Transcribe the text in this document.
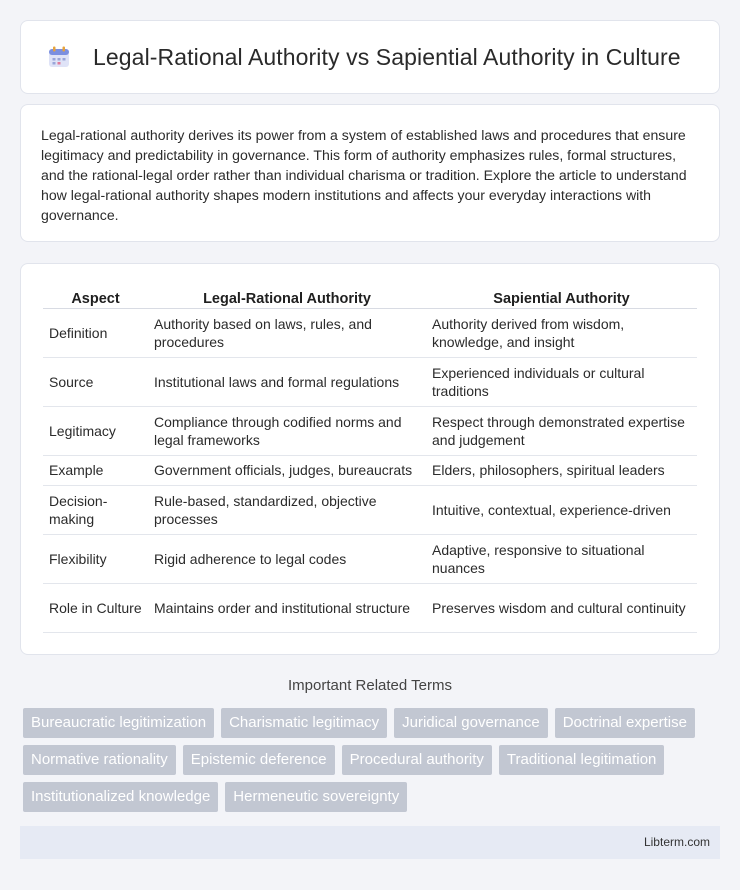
Legal-Rational Authority vs Sapiential Authority in Culture

Legal-rational authority derives its power from a system of established laws and procedures that ensure legitimacy and predictability in governance. This form of authority emphasizes rules, formal structures, and the rational-legal order rather than individual charisma or tradition. Explore the article to understand how legal-rational authority shapes modern institutions and affects your everyday interactions with governance.

Aspect	Legal-Rational Authority	Sapiential Authority
Definition	Authority based on laws, rules, and procedures	Authority derived from wisdom, knowledge, and insight
Source	Institutional laws and formal regulations	Experienced individuals or cultural traditions
Legitimacy	Compliance through codified norms and legal frameworks	Respect through demonstrated expertise and judgement
Example	Government officials, judges, bureaucrats	Elders, philosophers, spiritual leaders
Decision-making	Rule-based, standardized, objective processes	Intuitive, contextual, experience-driven
Flexibility	Rigid adherence to legal codes	Adaptive, responsive to situational nuances
Role in Culture	Maintains order and institutional structure	Preserves wisdom and cultural continuity
Important Related Terms
Bureaucratic legitimization	Charismatic legitimacy	Juridical governance	Doctrinal expertise
Normative rationality	Epistemic deference	Procedural authority	Traditional legitimation
Institutionalized knowledge	Hermeneutic sovereignty
Libterm.com
